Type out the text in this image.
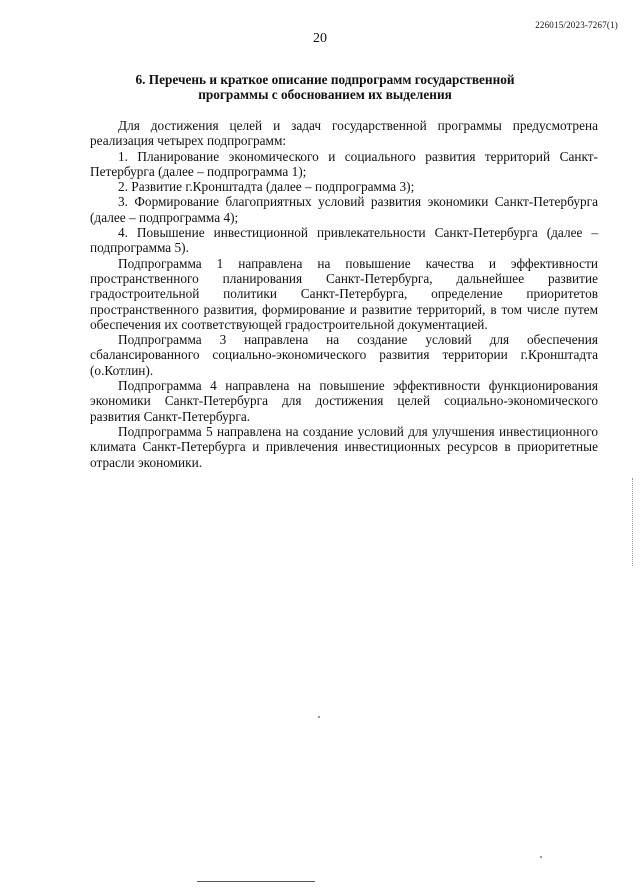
226015/2023-7267(1)
20
6. Перечень и краткое описание подпрограмм государственной
программы с обоснованием их выделения

Для достижения целей и задач государственной программы предусмотрена реализация четырех подпрограмм:

1. Планирование экономического и социального развития территорий Санкт-Петербурга (далее – подпрограмма 1);

2. Развитие г.Кронштадта (далее – подпрограмма 3);

3. Формирование благоприятных условий развития экономики Санкт-Петербурга (далее – подпрограмма 4);

4. Повышение инвестиционной привлекательности Санкт-Петербурга (далее – подпрограмма 5).

Подпрограмма 1 направлена на повышение качества и эффективности пространственного планирования Санкт-Петербурга, дальнейшее развитие градостроительной политики Санкт-Петербурга, определение приоритетов пространственного развития, формирование и развитие территорий, в том числе путем обеспечения их соответствующей градостроительной документацией.

Подпрограмма 3 направлена на создание условий для обеспечения сбалансированного социально-экономического развития территории г.Кронштадта (о.Котлин).

Подпрограмма 4 направлена на повышение эффективности функционирования экономики Санкт-Петербурга для достижения целей социально-экономического развития Санкт-Петербурга.

Подпрограмма 5 направлена на создание условий для улучшения инвестиционного климата Санкт-Петербурга и привлечения инвестиционных ресурсов в приоритетные отрасли экономики.
